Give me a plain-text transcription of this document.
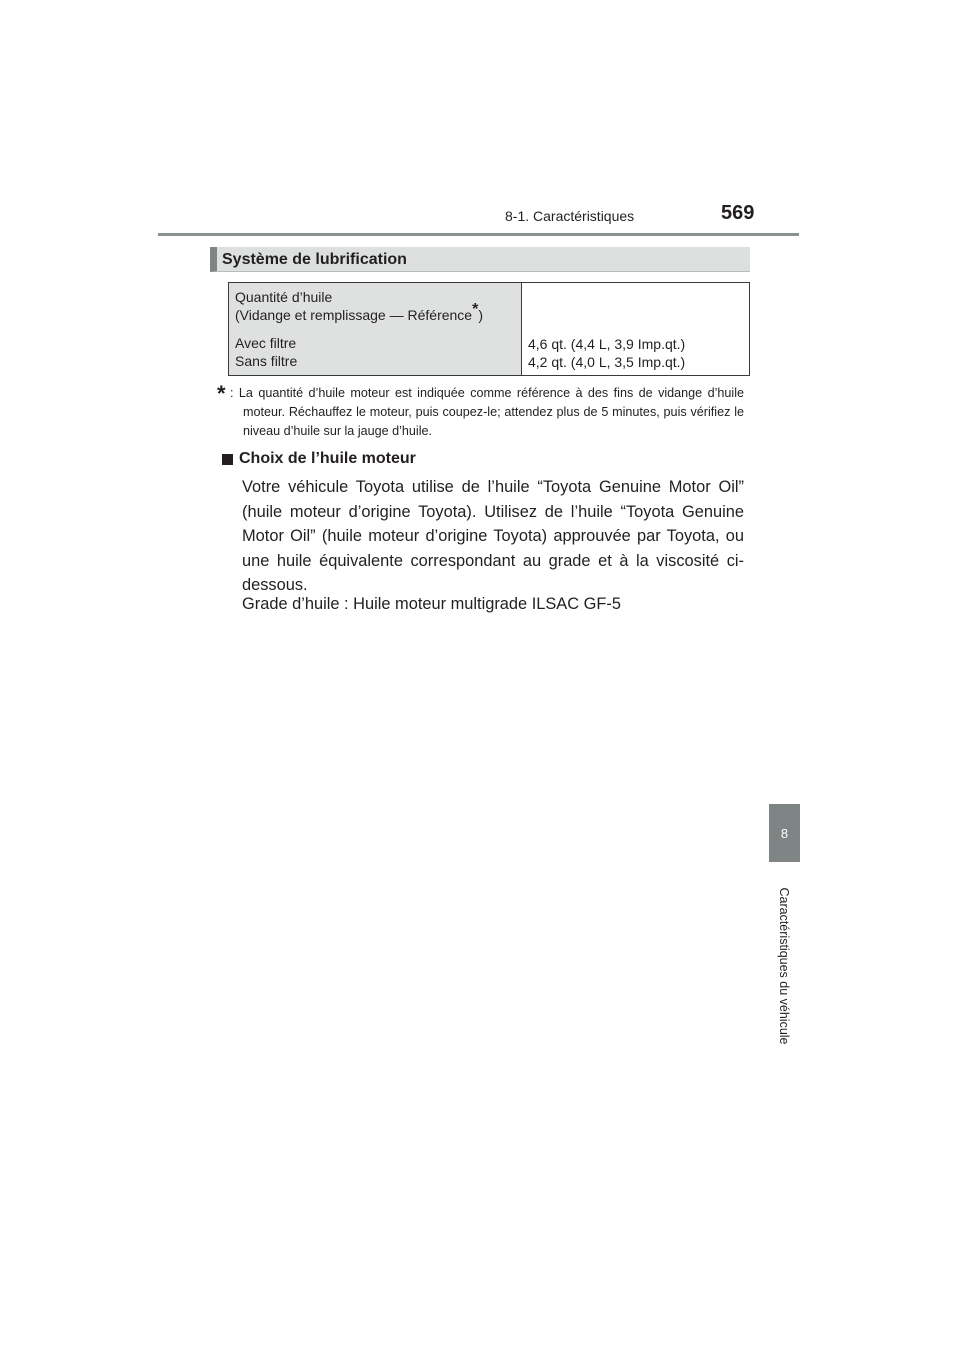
8-1. Caractéristiques	569
Système de lubrification
Quantité d’huile
(Vidange et remplissage — Référence*)
Avec filtre
Sans filtre
4,6 qt. (4,4 L, 3,9 Imp.qt.)
4,2 qt. (4,0 L, 3,5 Imp.qt.)
* : La quantité d’huile moteur est indiquée comme référence à des fins de vidange d’huile moteur. Réchauffez le moteur, puis coupez-le; attendez plus de 5 minutes, puis vérifiez le niveau d’huile sur la jauge d’huile.
Choix de l’huile moteur
Votre véhicule Toyota utilise de l’huile “Toyota Genuine Motor Oil” (huile moteur d’origine Toyota). Utilisez de l’huile “Toyota Genuine Motor Oil” (huile moteur d’origine Toyota) approuvée par Toyota, ou une huile équivalente correspondant au grade et à la viscosité ci-dessous.
Grade d’huile : Huile moteur multigrade ILSAC GF-5
8
Caractéristiques du véhicule
